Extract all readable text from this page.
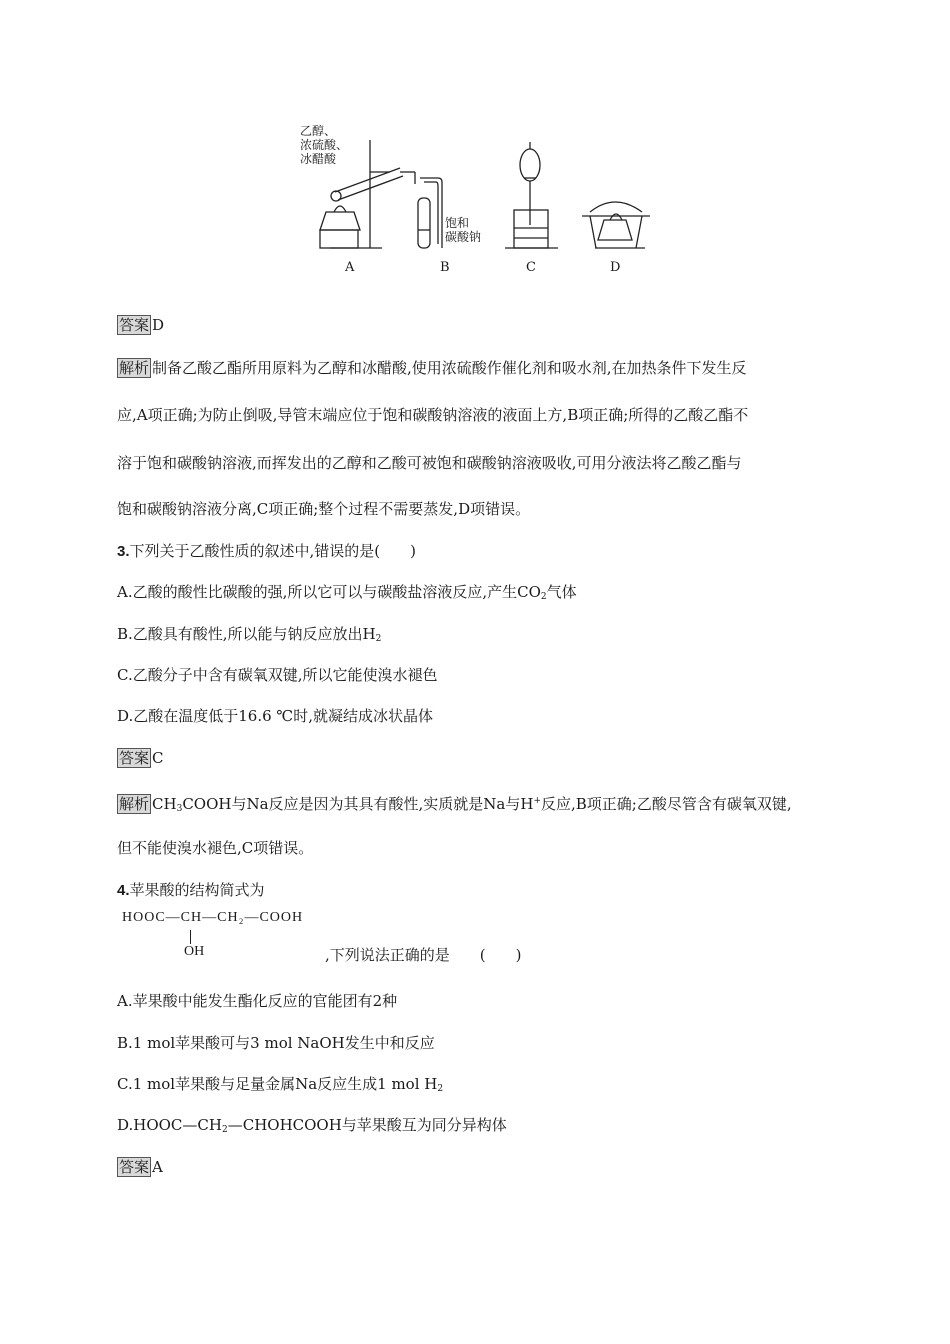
乙醇、
浓硫酸、
冰醋酸
饱和
碳酸钠
A	B	C	D
答案 D
解析 制备乙酸乙酯所用原料为乙醇和冰醋酸,使用浓硫酸作催化剂和吸水剂,在加热条件下发生反
应,A项正确;为防止倒吸,导管末端应位于饱和碳酸钠溶液的液面上方,B项正确;所得的乙酸乙酯不
溶于饱和碳酸钠溶液,而挥发出的乙醇和乙酸可被饱和碳酸钠溶液吸收,可用分液法将乙酸乙酯与
饱和碳酸钠溶液分离,C项正确;整个过程不需要蒸发,D项错误。
3.下列关于乙酸性质的叙述中,错误的是(　　)
A.乙酸的酸性比碳酸的强,所以它可以与碳酸盐溶液反应,产生$CO_2$气体
B.乙酸具有酸性,所以能与钠反应放出$H_2$
C.乙酸分子中含有碳氧双键,所以它能使溴水褪色
D.乙酸在温度低于16.6 ℃时,就凝结成冰状晶体
答案 C
解析 $CH_3COOH$与Na反应是因为其具有酸性,实质就是Na与H+反应,B项正确;乙酸尽管含有碳氧双键,
但不能使溴水褪色,C项错误。
4.苹果酸的结构简式为
HOOC—CH—CH₂—COOH
OH	,下列说法正确的是　　(　　)
A.苹果酸中能发生酯化反应的官能团有2种
B.1 mol苹果酸可与3 mol NaOH发生中和反应
C.1 mol苹果酸与足量金属Na反应生成1 mol $H_2$
$D.HOOC—CH_2—CHOHCOOH$与苹果酸互为同分异构体
答案 A
